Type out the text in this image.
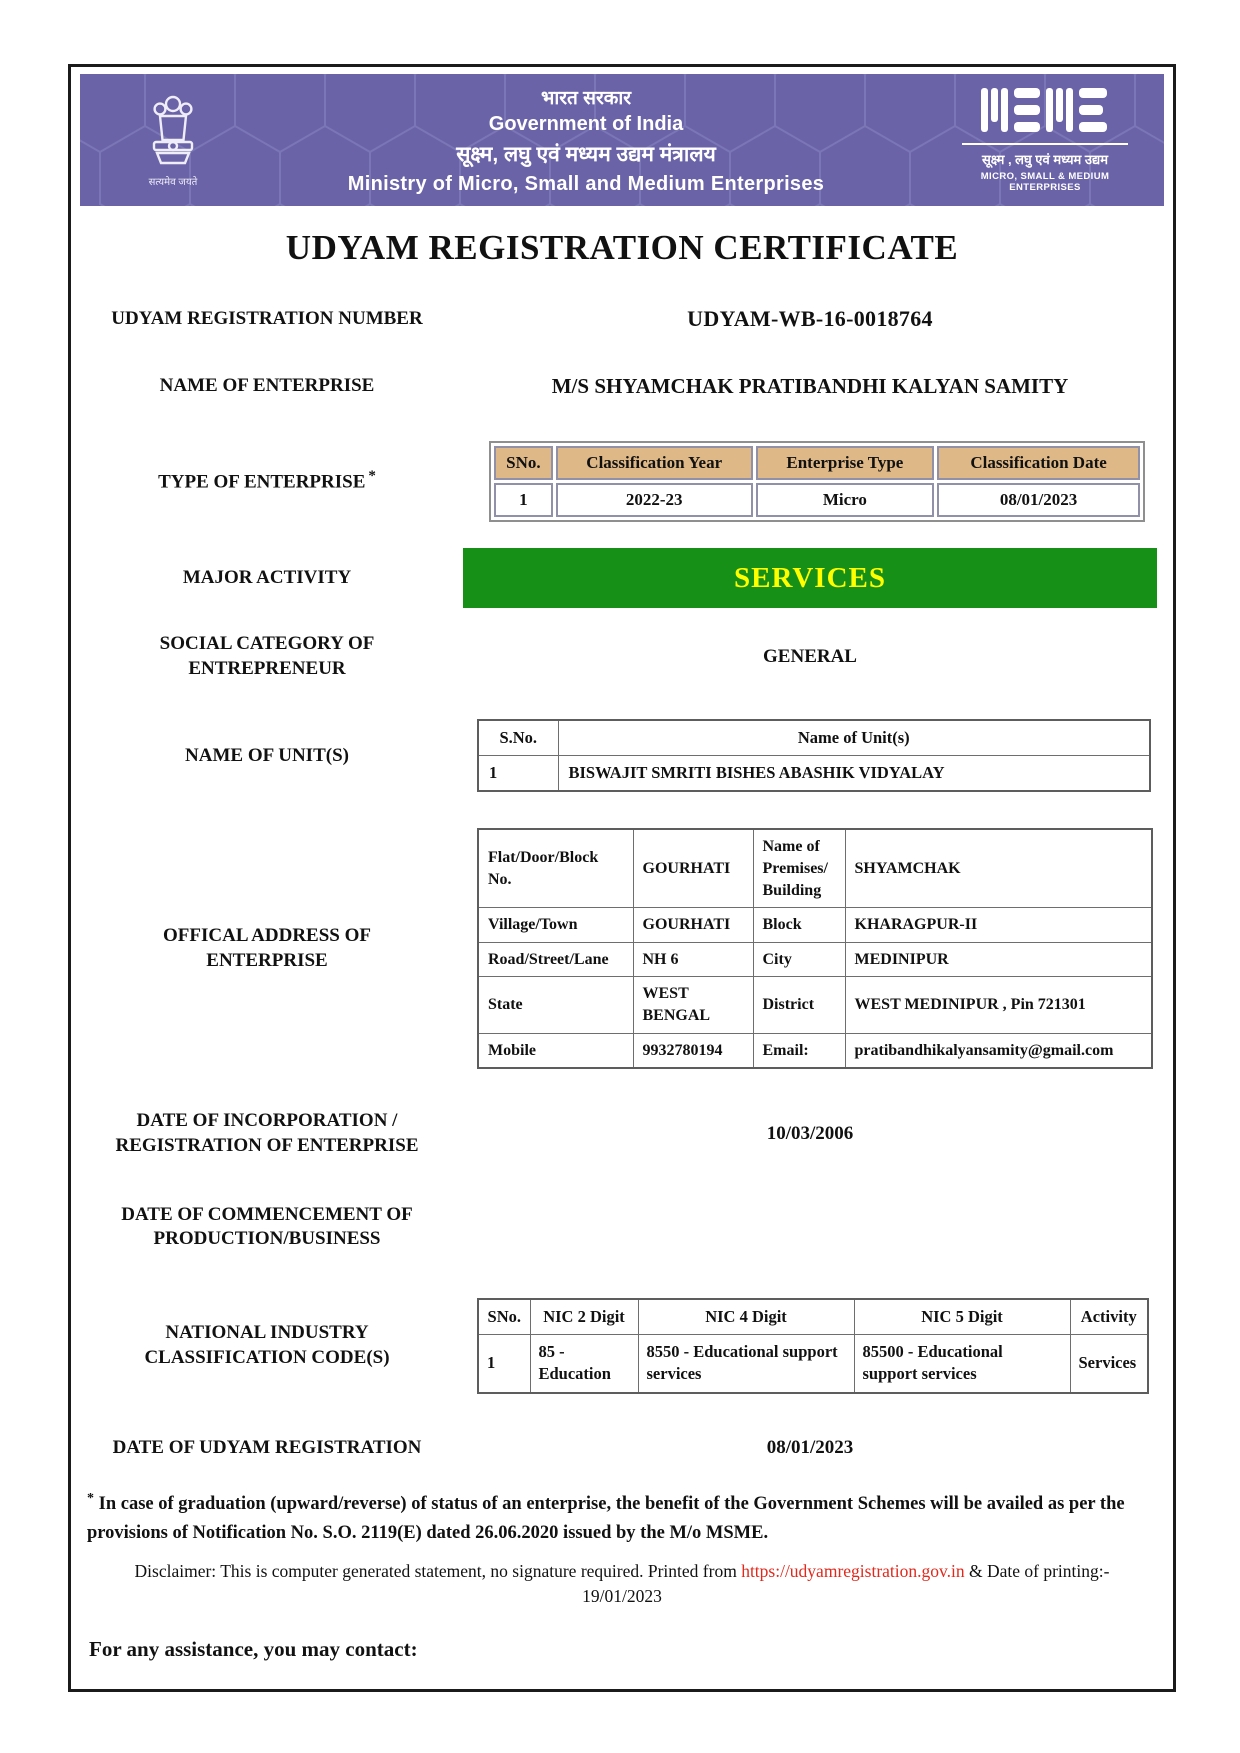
सत्यमेव जयते
भारत सरकार
Government of India
सूक्ष्म, लघु एवं मध्यम उद्यम मंत्रालय
Ministry of Micro, Small and Medium Enterprises
सूक्ष्म , लघु एवं मध्यम उद्यम
MICRO, SMALL & MEDIUM ENTERPRISES
UDYAM REGISTRATION CERTIFICATE
UDYAM REGISTRATION NUMBER	UDYAM-WB-16-0018764
NAME OF ENTERPRISE	M/S SHYAMCHAK PRATIBANDHI KALYAN SAMITY
TYPE OF ENTERPRISE *
SNo.	Classification Year	Enterprise Type	Classification Date
1	2022-23	Micro	08/01/2023
MAJOR ACTIVITY	SERVICES
SOCIAL CATEGORY OF ENTREPRENEUR
GENERAL
NAME OF UNIT(S)
S.No.	Name of Unit(s)
1	BISWAJIT SMRITI BISHES ABASHIK VIDYALAY
OFFICAL ADDRESS OF ENTERPRISE
Flat/Door/Block No.	GOURHATI	Name of Premises/ Building	SHYAMCHAK
Village/Town	GOURHATI	Block	KHARAGPUR-II
Road/Street/Lane	NH 6	City	MEDINIPUR
State	WEST BENGAL	District	WEST MEDINIPUR , Pin 721301
Mobile	9932780194	Email:	pratibandhikalyansamity@gmail.com
DATE OF INCORPORATION / REGISTRATION OF ENTERPRISE
10/03/2006
DATE OF COMMENCEMENT OF PRODUCTION/BUSINESS
NATIONAL INDUSTRY CLASSIFICATION CODE(S)
SNo.	NIC 2 Digit	NIC 4 Digit	NIC 5 Digit	Activity
1	85 - Education	8550 - Educational support services	85500 - Educational support services	Services
DATE OF UDYAM REGISTRATION	08/01/2023

* In case of graduation (upward/reverse) of status of an enterprise, the benefit of the Government Schemes will be availed as per the provisions of Notification No. S.O. 2119(E) dated 26.06.2020 issued by the M/o MSME.

Disclaimer: This is computer generated statement, no signature required. Printed from https://udyamregistration.gov.in & Date of printing:-

19/01/2023
For any assistance, you may contact:
